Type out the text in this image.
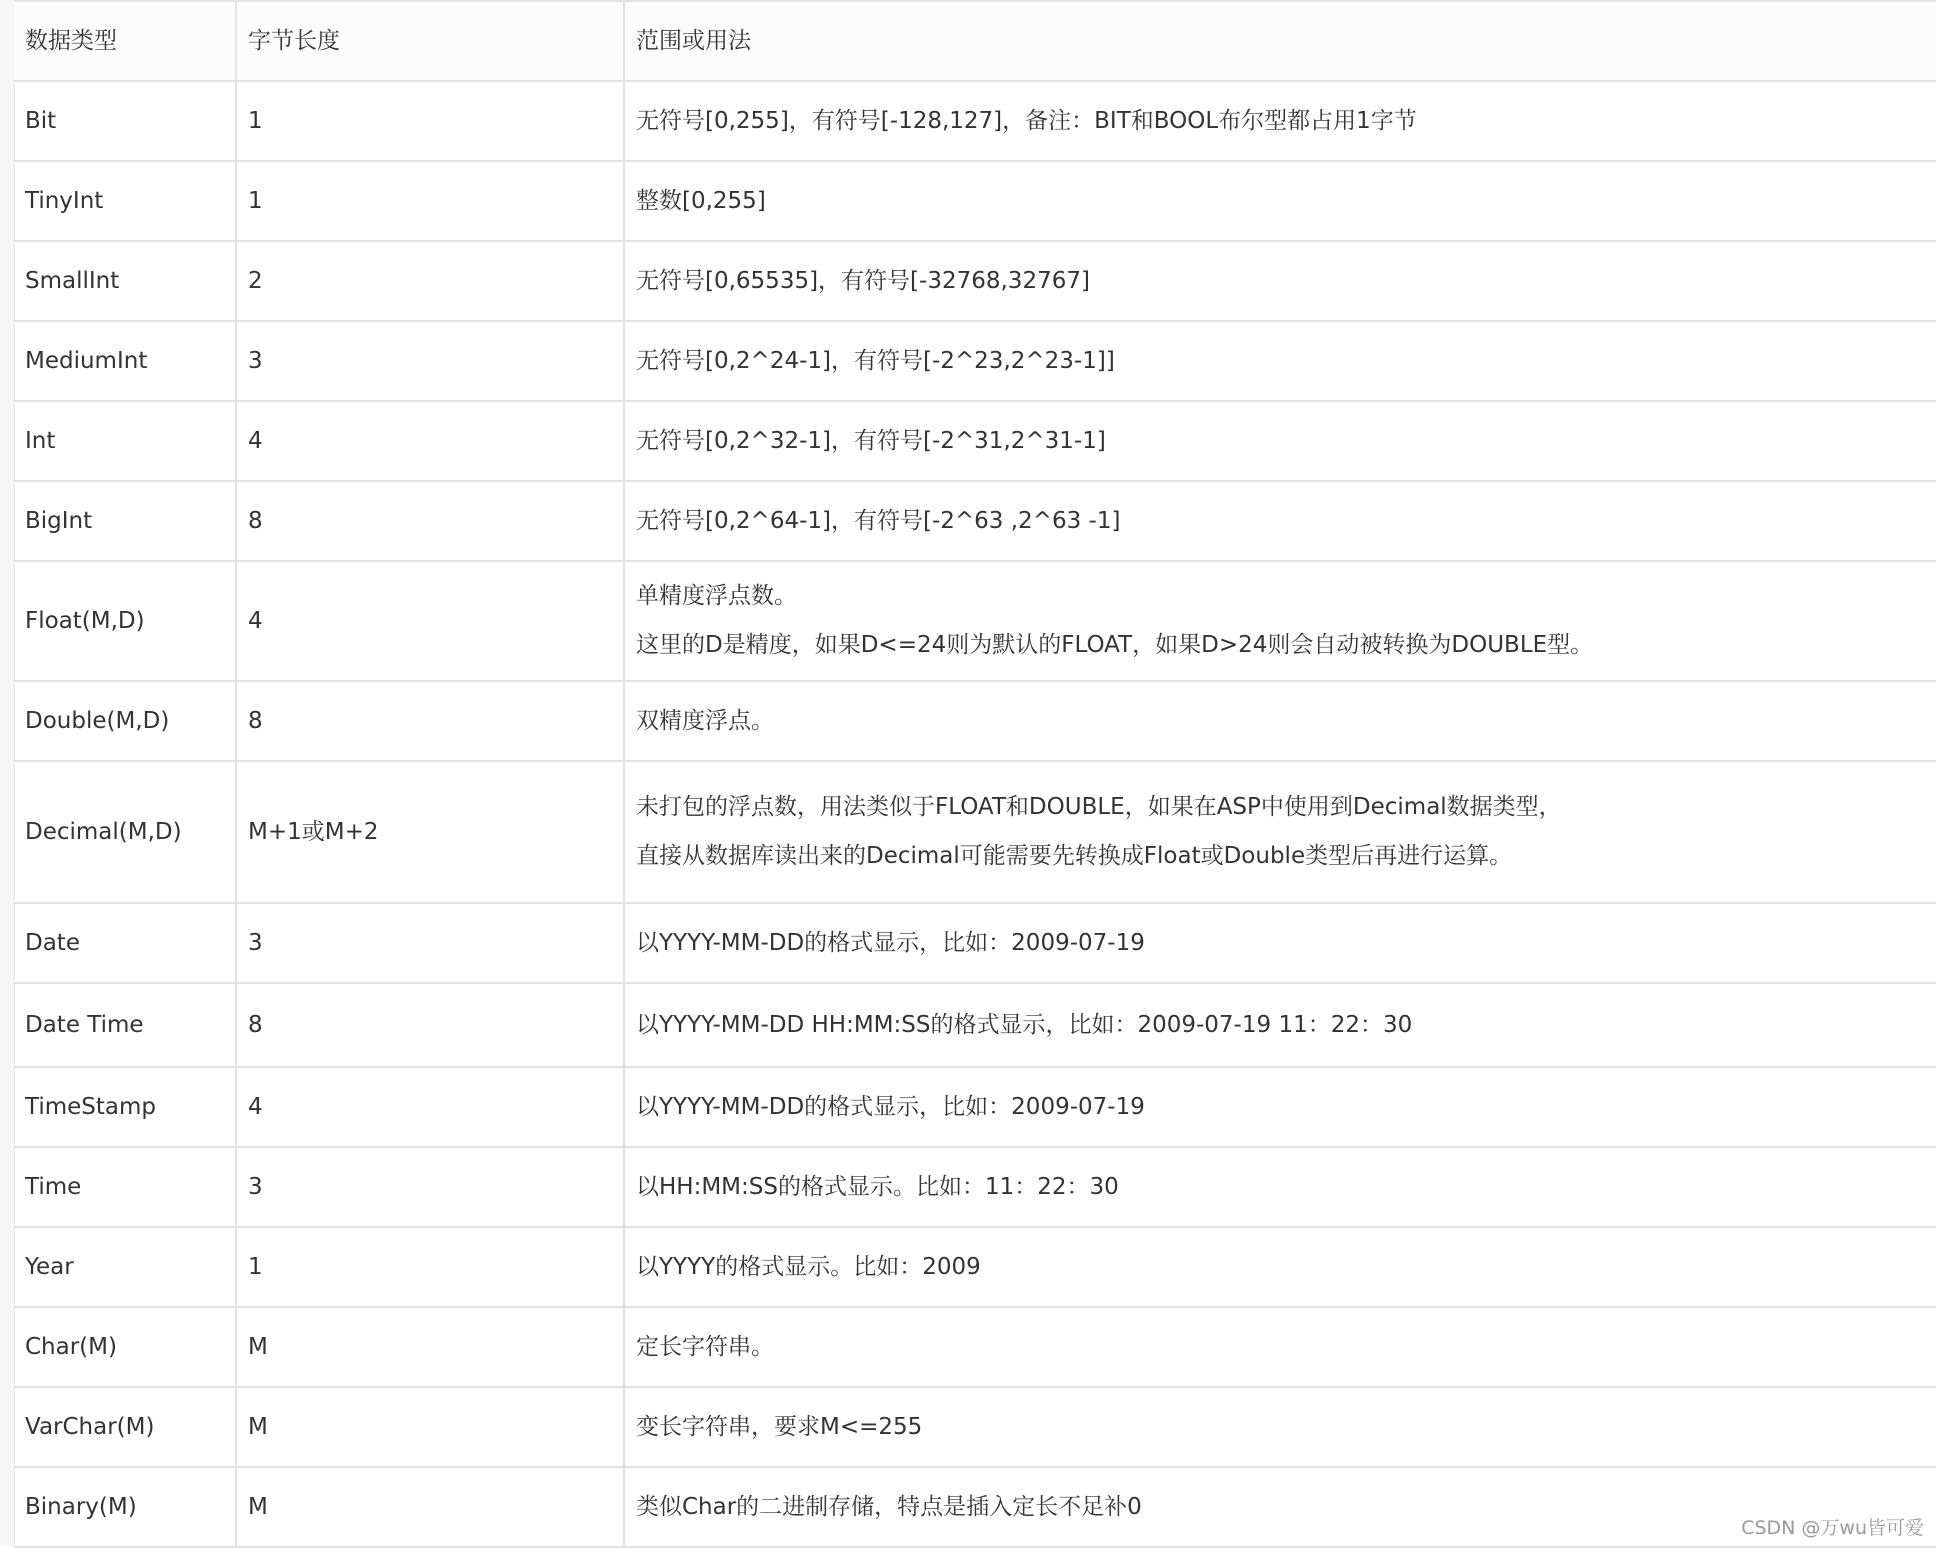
数据类型	字节长度	范围或用法
Bit	1	无符号[0,255]，有符号[-128,127]，备注：BIT和BOOL布尔型都占用1字节

TinyInt	1	整数[0,255]

SmallInt	2	无符号[0,65535]，有符号[-32768,32767]

MediumInt	3	无符号[0,2^24-1]，有符号[-2^23,2^23-1]]

Int	4	无符号[0,2^32-1]，有符号[-2^31,2^31-1]

BigInt	8	无符号[0,2^64-1]，有符号[-2^63 ,2^63 -1]

Float(M,D)	4	单精度浮点数。
这里的D是精度，如果D<=24则为默认的FLOAT，如果D>24则会自动被转换为DOUBLE型。

Double(M,D)	8	双精度浮点。

Decimal(M,D)	M+1或M+2	未打包的浮点数，用法类似于FLOAT和DOUBLE，如果在ASP中使用到Decimal数据类型，
直接从数据库读出来的Decimal可能需要先转换成Float或Double类型后再进行运算。

Date	3	以YYYY-MM-DD的格式显示，比如：2009-07-19

Date Time	8	以YYYY-MM-DD HH:MM:SS的格式显示，比如：2009-07-19 11：22：30

TimeStamp	4	以YYYY-MM-DD的格式显示，比如：2009-07-19

Time	3	以HH:MM:SS的格式显示。比如：11：22：30

Year	1	以YYYY的格式显示。比如：2009

Char(M)	M	定长字符串。

VarChar(M)	M	变长字符串，要求M<=255

Binary(M)	M	类似Char的二进制存储，特点是插入定长不足补0
CSDN @万wu皆可爱
